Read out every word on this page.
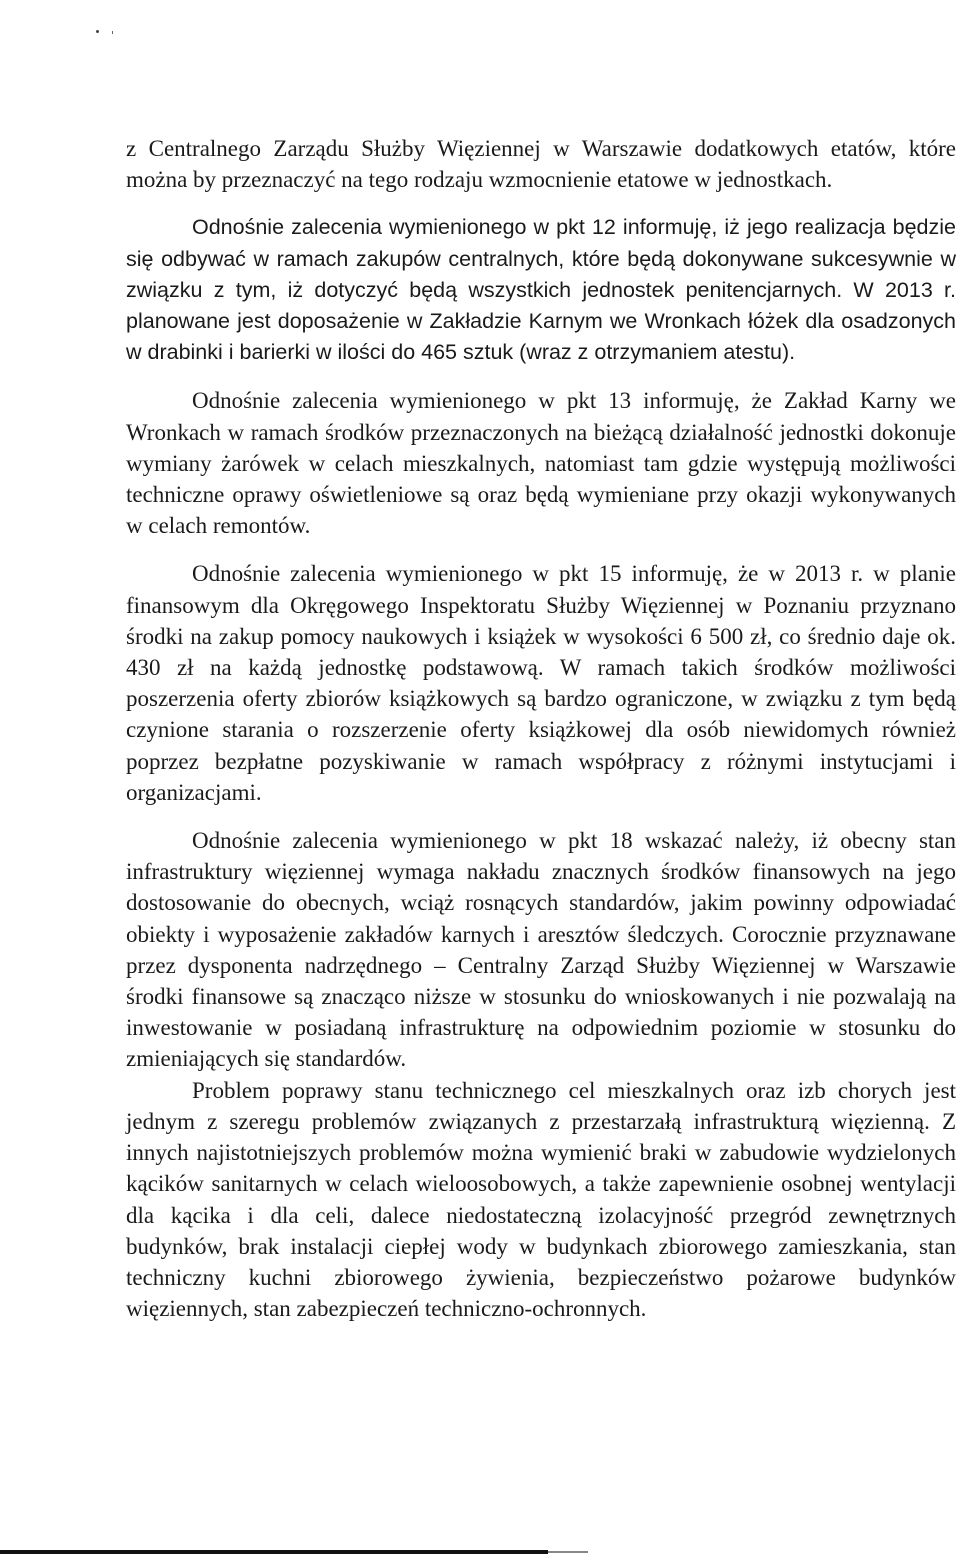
z Centralnego Zarządu Służby Więziennej w Warszawie dodatkowych etatów, które można by przeznaczyć na tego rodzaju wzmocnienie etatowe w jednostkach.

Odnośnie zalecenia wymienionego w pkt 12 informuję, iż jego realizacja będzie się odbywać w ramach zakupów centralnych, które będą dokonywane sukcesywnie w związku z tym, iż dotyczyć będą wszystkich jednostek penitencjarnych. W 2013 r. planowane jest doposażenie w Zakładzie Karnym we Wronkach łóżek dla osadzonych w drabinki i barierki w ilości do 465 sztuk (wraz z otrzymaniem atestu).

Odnośnie zalecenia wymienionego w pkt 13 informuję, że Zakład Karny we Wronkach w ramach środków przeznaczonych na bieżącą działalność jednostki dokonuje wymiany żarówek w celach mieszkalnych, natomiast tam gdzie występują możliwości techniczne oprawy oświetleniowe są oraz będą wymieniane przy okazji wykonywanych w celach remontów.

Odnośnie zalecenia wymienionego w pkt 15 informuję, że w 2013 r. w planie finansowym dla Okręgowego Inspektoratu Służby Więziennej w Poznaniu przyznano środki na zakup pomocy naukowych i książek w wysokości 6 500 zł, co średnio daje ok. 430 zł na każdą jednostkę podstawową. W ramach takich środków możliwości poszerzenia oferty zbiorów książkowych są bardzo ograniczone, w związku z tym będą czynione starania o rozszerzenie oferty książkowej dla osób niewidomych również poprzez bezpłatne pozyskiwanie w ramach współpracy z różnymi instytucjami i organizacjami.

Odnośnie zalecenia wymienionego w pkt 18 wskazać należy, iż obecny stan infrastruktury więziennej wymaga nakładu znacznych środków finansowych na jego dostosowanie do obecnych, wciąż rosnących standardów, jakim powinny odpowiadać obiekty i wyposażenie zakładów karnych i aresztów śledczych. Corocznie przyznawane przez dysponenta nadrzędnego – Centralny Zarząd Służby Więziennej w Warszawie środki finansowe są znacząco niższe w stosunku do wnioskowanych i nie pozwalają na inwestowanie w posiadaną infrastrukturę na odpowiednim poziomie w stosunku do zmieniających się standardów.

Problem poprawy stanu technicznego cel mieszkalnych oraz izb chorych jest jednym z szeregu problemów związanych z przestarzałą infrastrukturą więzienną. Z innych najistotniejszych problemów można wymienić braki w zabudowie wydzielonych kącików sanitarnych w celach wieloosobowych, a także zapewnienie osobnej wentylacji dla kącika i dla celi, dalece niedostateczną izolacyjność przegród zewnętrznych budynków, brak instalacji ciepłej wody w budynkach zbiorowego zamieszkania, stan techniczny kuchni zbiorowego żywienia, bezpieczeństwo pożarowe budynków więziennych, stan zabezpieczeń techniczno-ochronnych.
